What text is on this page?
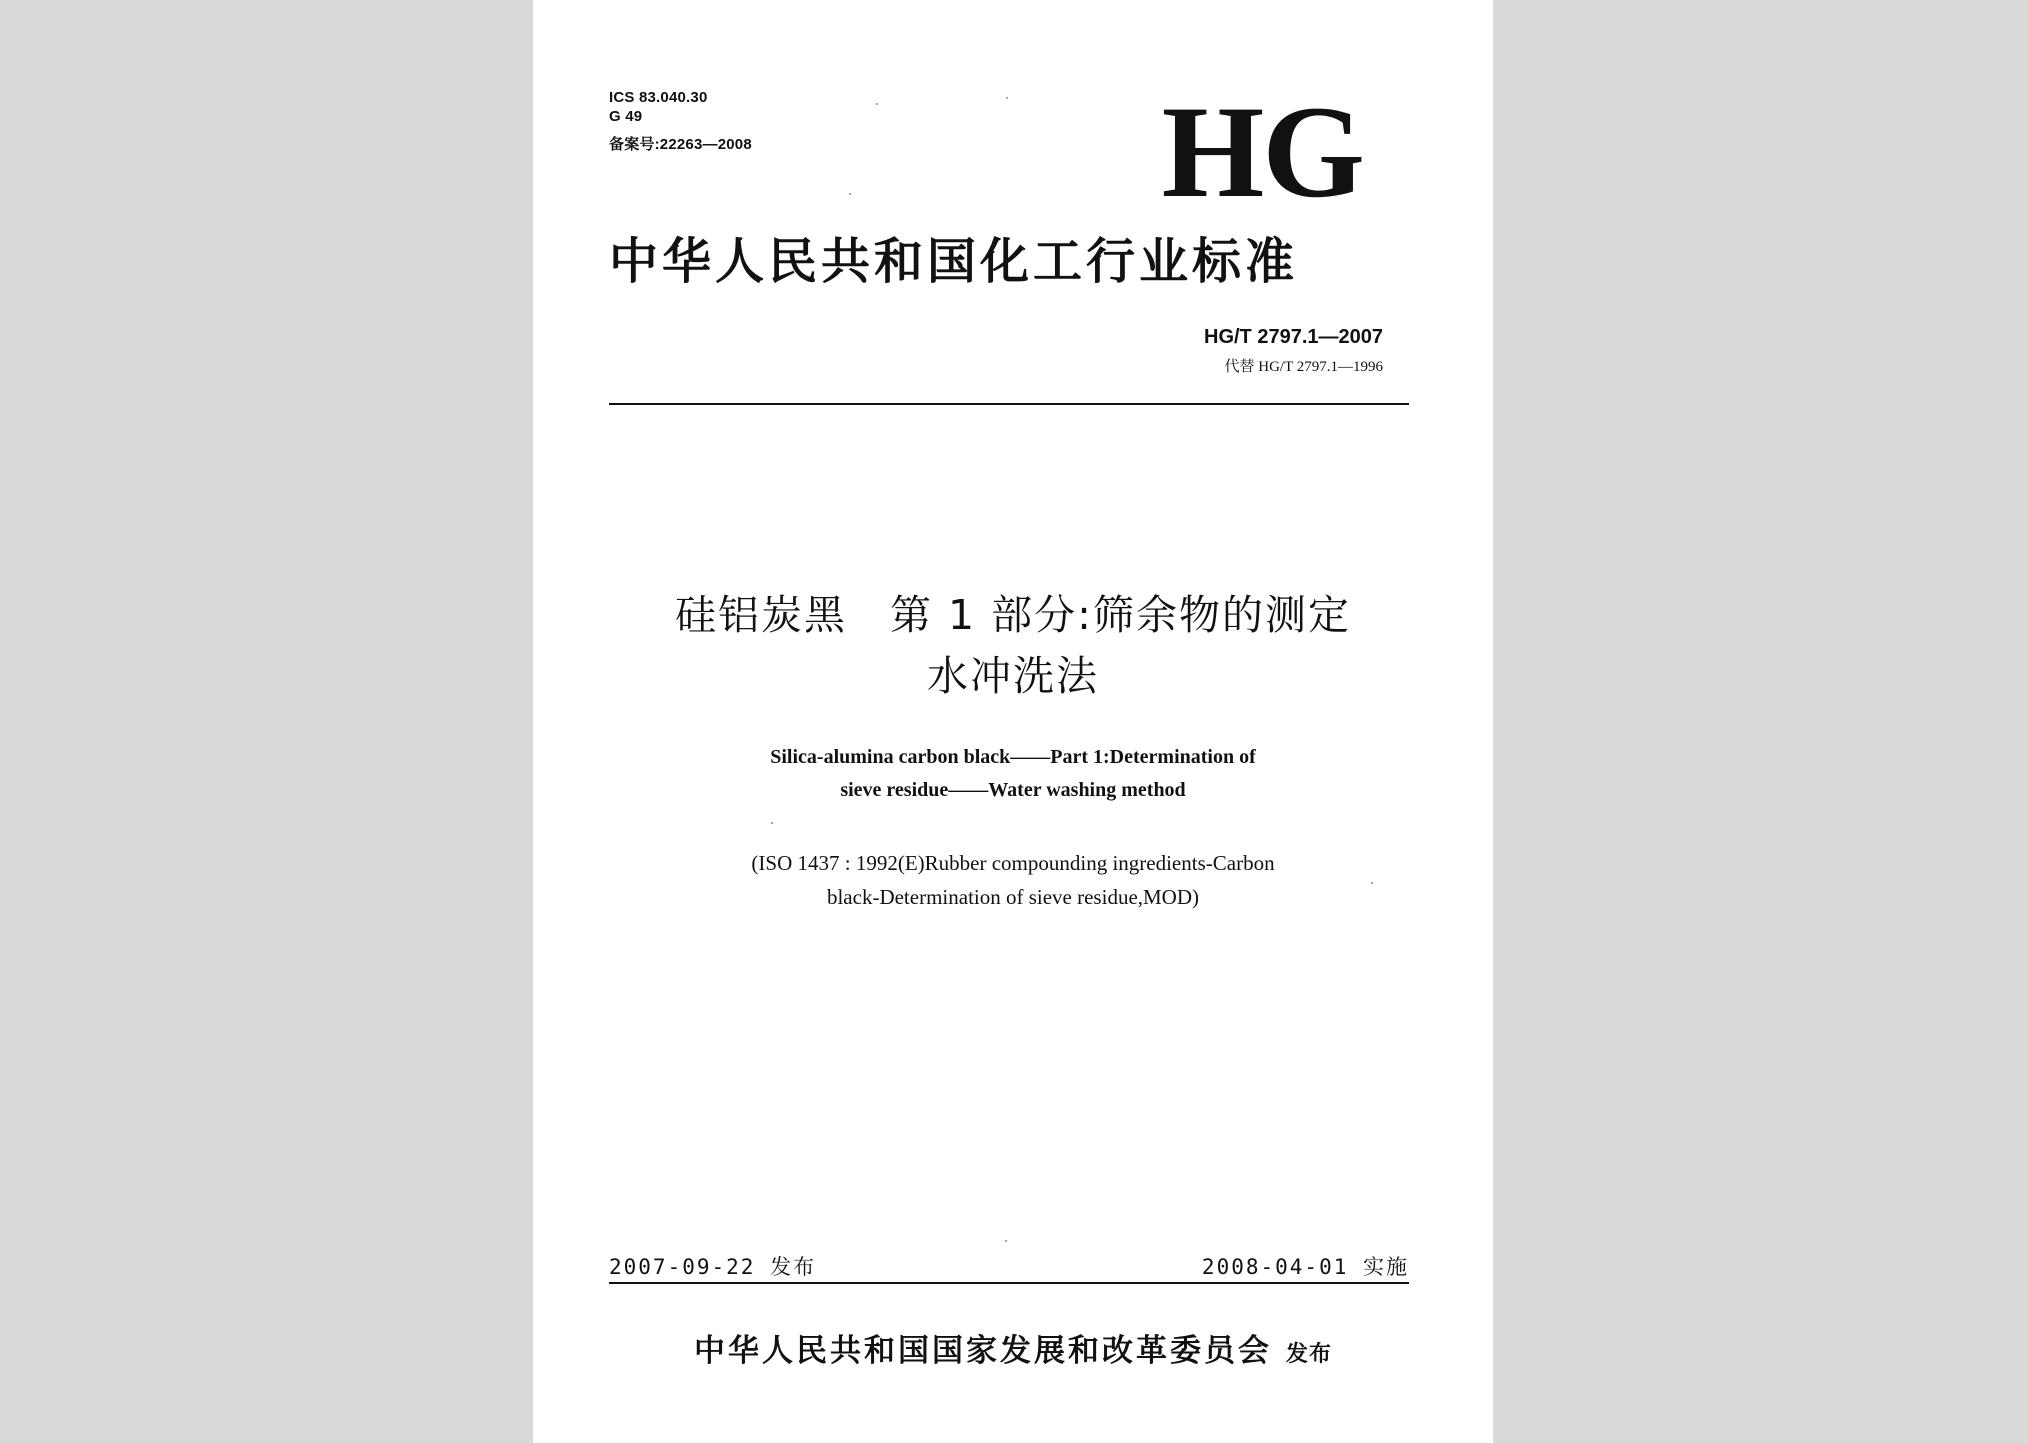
ICS 83.040.30
G 49
备案号:22263—2008	HG
中华人民共和国化工行业标准
HG/T 2797.1—2007
代替 HG/T 2797.1—1996
硅铝炭黑　第 1 部分:筛余物的测定
水冲洗法
Silica-alumina carbon black——Part 1:Determination of
sieve residue——Water washing method
(ISO 1437 : 1992(E)Rubber compounding ingredients-Carbon
black-Determination of sieve residue,MOD)
2007-09-22 发布	2008-04-01 实施
中华人民共和国国家发展和改革委员会 发布
